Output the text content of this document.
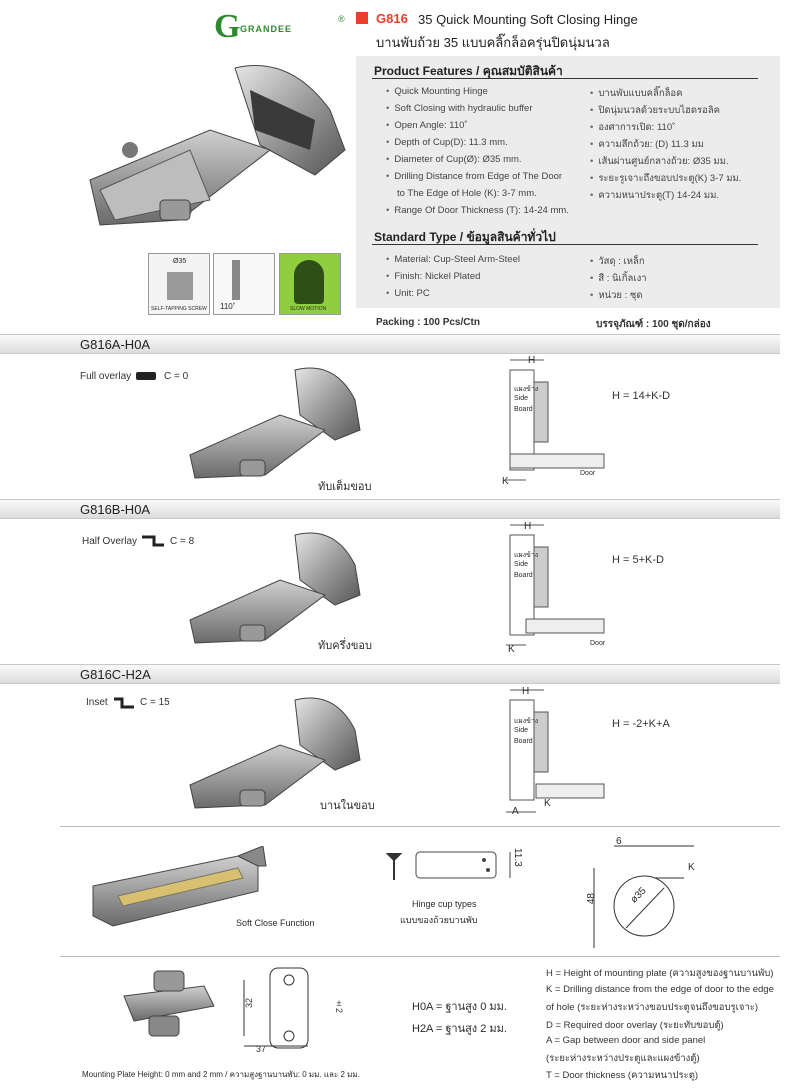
G GRANDEE
® G816 35 Quick Mounting Soft Closing Hinge
บานพับถ้วย 35 แบบคลิ๊กล็อครุ่นปิดนุ่มนวล
Ø35
SELF-TAPPING SCREW 110˚	SLOW MOTION
Product Features / คุณสมบัติสินค้า
• Quick Mounting Hinge
• Soft Closing with hydraulic buffer
• Open Angle: 110˚
• Depth of Cup(D): 11.3 mm.
• Diameter of Cup(Ø): Ø35 mm.
• Drilling Distance from Edge of The Door
to The Edge of Hole (K): 3-7 mm.
• Range Of Door Thickness (T): 14-24 mm.
• บานพับแบบคลิ๊กล็อค
• ปิดนุ่มนวลด้วยระบบไฮดรอลิค
• องศาการเปิด: 110˚
• ความลึกถ้วย: (D) 11.3 มม
• เส้นผ่านศูนย์กลางถ้วย: Ø35 มม.
• ระยะรูเจาะถึงขอบประตู(K) 3-7 มม.
• ความหนาประตู(T) 14-24 มม.
Standard Type / ข้อมูลสินค้าทั่วไป
• Material: Cup-Steel Arm-Steel
• Finish: Nickel Plated
• Unit: PC
• วัสดุ : เหล็ก
• สี : นิเกิ้ลเงา
• หน่วย : ชุด
Packing : 100 Pcs/Ctn	บรรจุภัณฑ์ : 100 ชุด/กล่อง
G816A-H0A
Full overlay	C = 0
ทับเต็มขอบ
H
แผงข้าง
Side
Board
Door
K
H = 14+K-D
G816B-H0A
Half Overlay	C = 8
ทับครึ่งขอบ
H
แผงข้าง
Side
Board
Door
K
H = 5+K-D
G816C-H2A
Inset	C = 15
บานในขอบ
H
แผงข้าง
Side
Board
K
A
H = -2+K+A
Soft Close Function
11.3
Hinge cup types
แบบของถ้วยบานพับ
6
K
48	ø35
32
37
±2	H0A = ฐานสูง 0 มม.
H2A = ฐานสูง 2 มม.
Mounting Plate Height: 0 mm and 2 mm / ความสูงฐานบานพับ: 0 มม. และ 2 มม.
H = Height of mounting plate (ความสูงของฐานบานพับ)
K = Drilling distance from the edge of door to the edge
of hole (ระยะห่างระหว่างขอบประตูจนถึงขอบรูเจาะ)
D = Required door overlay (ระยะทับขอบตู้)
A = Gap between door and side panel
(ระยะห่างระหว่างประตูและแผงข้างตู้)
T = Door thickness (ความหนาประตู)
